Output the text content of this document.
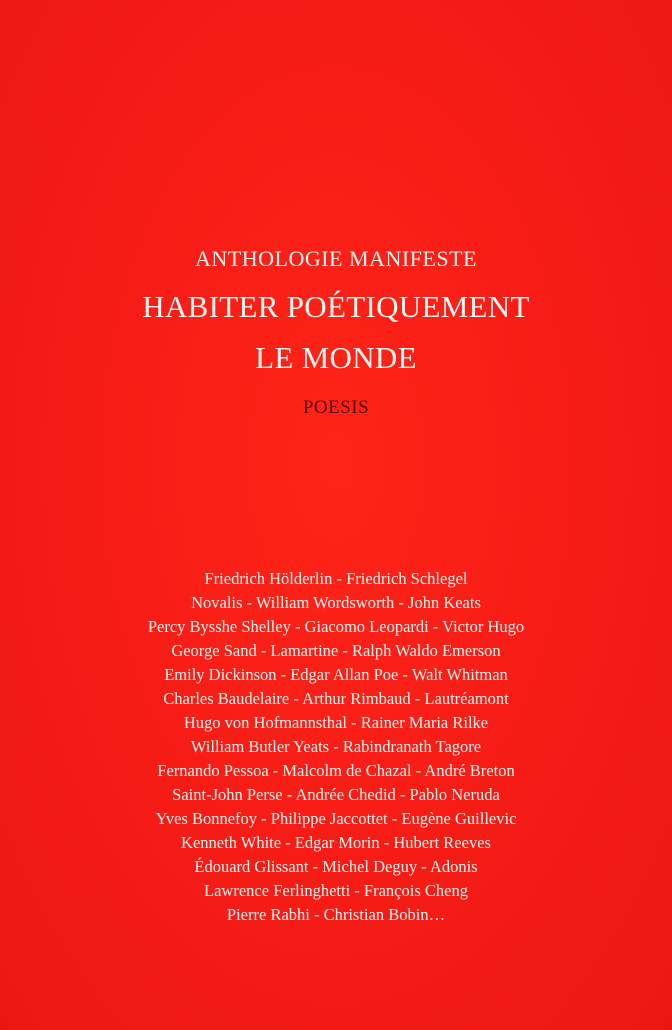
ANTHOLOGIE MANIFESTE
HABITER POÉTIQUEMENT
LE MONDE
POESIS
Friedrich Hölderlin - Friedrich Schlegel
Novalis - William Wordsworth - John Keats
Percy Bysshe Shelley - Giacomo Leopardi - Victor Hugo
George Sand - Lamartine - Ralph Waldo Emerson
Emily Dickinson - Edgar Allan Poe - Walt Whitman
Charles Baudelaire - Arthur Rimbaud - Lautréamont
Hugo von Hofmannsthal - Rainer Maria Rilke
William Butler Yeats - Rabindranath Tagore
Fernando Pessoa - Malcolm de Chazal - André Breton
Saint-John Perse - Andrée Chedid - Pablo Neruda
Yves Bonnefoy - Philippe Jaccottet - Eugène Guillevic
Kenneth White - Edgar Morin - Hubert Reeves
Édouard Glissant - Michel Deguy - Adonis
Lawrence Ferlinghetti - François Cheng
Pierre Rabhi - Christian Bobin…
